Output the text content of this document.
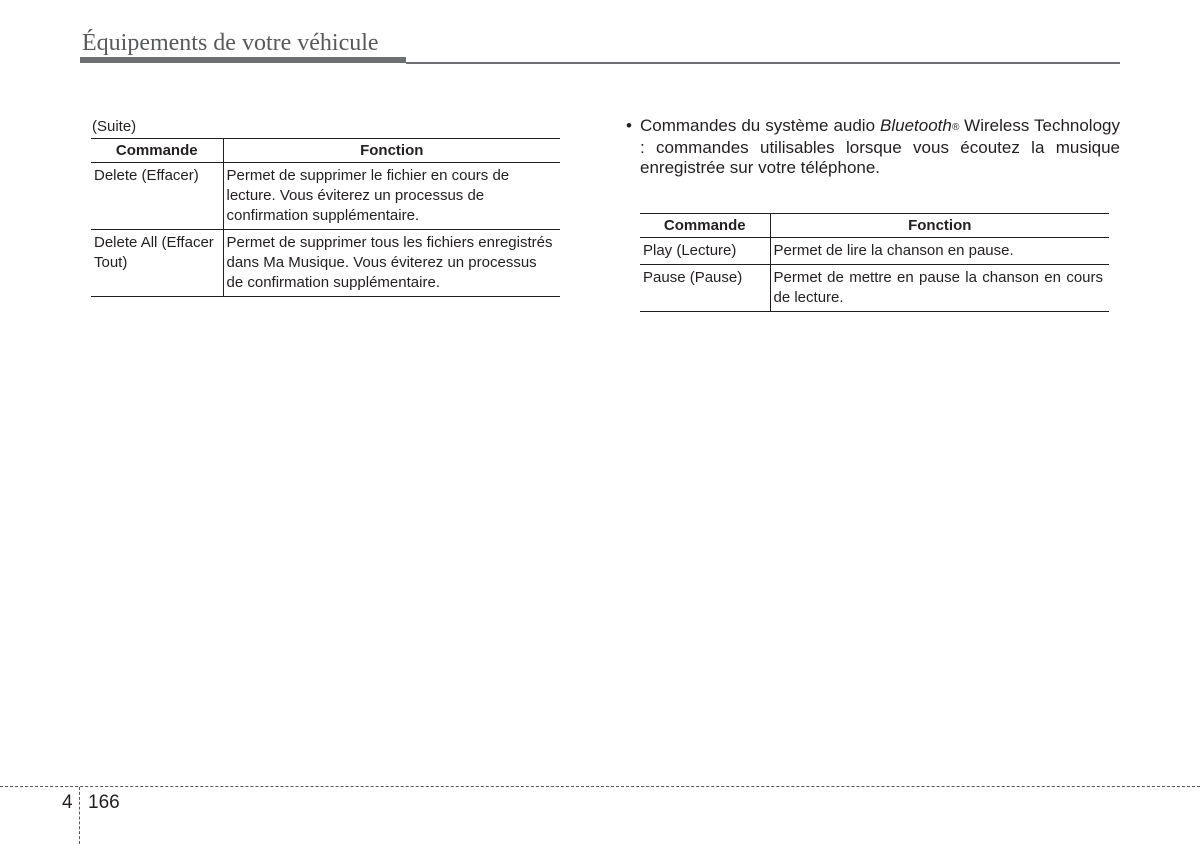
Équipements de votre véhicule
(Suite)
Commande	Fonction
Delete (Effacer)	Permet de supprimer le fichier en cours de lecture. Vous éviterez un processus de confirmation supplémentaire.
Delete All (Effacer Tout)	Permet de supprimer tous les fichiers enregistrés dans Ma Musique. Vous éviterez un processus de confirmation supplémentaire.
• Commandes du système audio Bluetooth® Wireless Technology : commandes utilisables lorsque vous écoutez la musique enregistrée sur votre téléphone.
Commande	Fonction
Play (Lecture)	Permet de lire la chanson en pause.
Pause (Pause)	Permet de mettre en pause la chanson en cours de lecture.
4 166
